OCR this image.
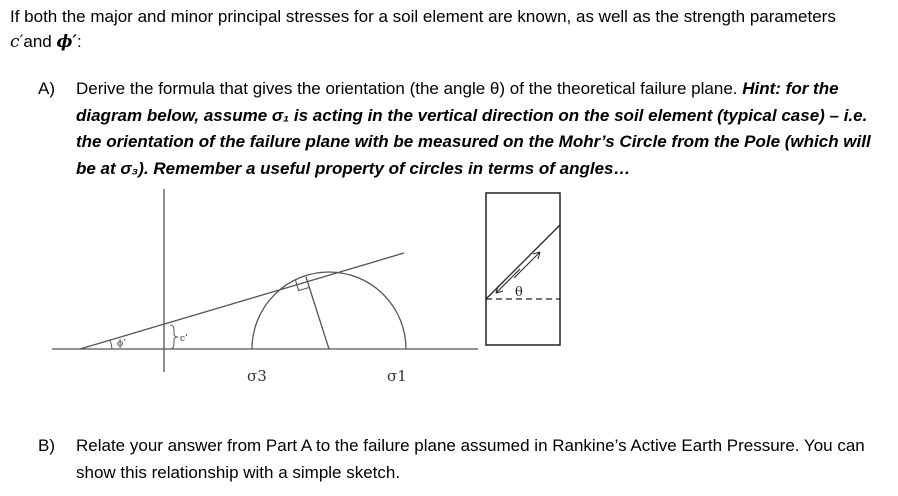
If both the major and minor principal stresses for a soil element are known, as well as the strength parameters c′and ϕ′:
A)	Derive the formula that gives the orientation (the angle θ) of the theoretical failure plane. Hint: for the diagram below, assume σ₁ is acting in the vertical direction on the soil element (typical case) – i.e. the orientation of the failure plane with be measured on the Mohr’s Circle from the Pole (which will be at σ₃). Remember a useful property of circles in terms of angles…
ϕ’	c’
σ3	σ1
θ
B)	Relate your answer from Part A to the failure plane assumed in Rankine’s Active Earth Pressure. You can show this relationship with a simple sketch.
